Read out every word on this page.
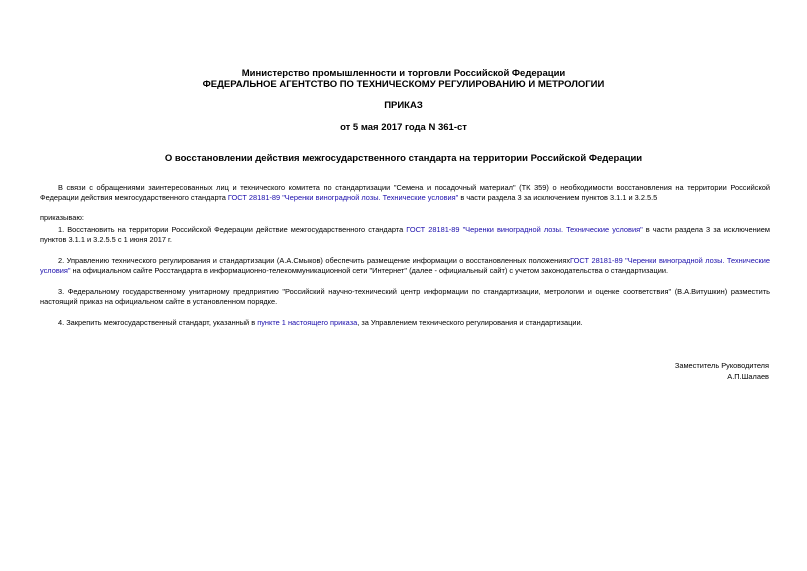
Министерство промышленности и торговли Российской Федерации
ФЕДЕРАЛЬНОЕ АГЕНТСТВО ПО ТЕХНИЧЕСКОМУ РЕГУЛИРОВАНИЮ И МЕТРОЛОГИИ
ПРИКАЗ
от 5 мая 2017 года N 361-ст
О восстановлении действия межгосударственного стандарта на территории Российской Федерации
В связи с обращениями заинтересованных лиц и технического комитета по стандартизации "Семена и посадочный материал" (ТК 359) о необходимости восстановления на территории Российской Федерации действия межгосударственного стандарта ГОСТ 28181-89 "Черенки виноградной лозы. Технические условия" в части раздела 3 за исключением пунктов 3.1.1 и 3.2.5.5
приказываю:
1. Восстановить на территории Российской Федерации действие межгосударственного стандарта ГОСТ 28181-89 "Черенки виноградной лозы. Технические условия" в части раздела 3 за исключением пунктов 3.1.1 и 3.2.5.5 с 1 июня 2017 г.
2. Управлению технического регулирования и стандартизации (А.А.Смыков) обеспечить размещение информации о восстановленных положенияхГОСТ 28181-89 "Черенки виноградной лозы. Технические условия" на официальном сайте Росстандарта в информационно-телекоммуникационной сети "Интернет" (далее - официальный сайт) с учетом законодательства о стандартизации.
3. Федеральному государственному унитарному предприятию "Российский научно-технический центр информации по стандартизации, метрологии и оценке соответствия" (В.А.Витушкин) разместить настоящий приказ на официальном сайте в установленном порядке.
4. Закрепить межгосударственный стандарт, указанный в пункте 1 настоящего приказа, за Управлением технического регулирования и стандартизации.
Заместитель Руководителя
А.П.Шалаев
